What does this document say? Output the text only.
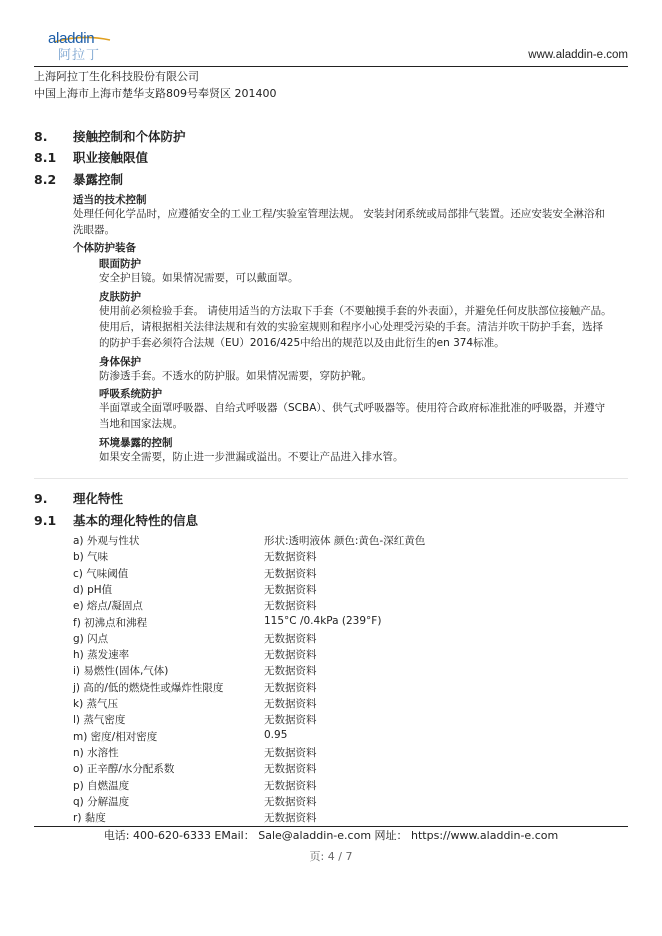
aladdin
阿拉丁	www.aladdin-e.com
上海阿拉丁生化科技股份有限公司
中国上海市上海市楚华支路809号奉贤区 201400
8. 接触控制和个体防护
8.1 职业接触限值
8.2 暴露控制
适当的技术控制
处理任何化学品时，应遵循安全的工业工程/实验室管理法规。 安装封闭系统或局部排气装置。还应安装安全淋浴和
洗眼器。
个体防护装备
眼面防护
安全护目镜。如果情况需要，可以戴面罩。
皮肤防护
使用前必须检验手套。 请使用适当的方法取下手套（不要触摸手套的外表面），并避免任何皮肤部位接触产品。
使用后，请根据相关法律法规和有效的实验室规则和程序小心处理受污染的手套。清洁并吹干防护手套，选择
的防护手套必须符合法规（EU）2016/425中给出的规范以及由此衍生的en 374标准。
身体保护
防渗透手套。不透水的防护服。如果情况需要，穿防护靴。
呼吸系统防护
半面罩或全面罩呼吸器、自给式呼吸器（SCBA）、供气式呼吸器等。使用符合政府标准批准的呼吸器，并遵守
当地和国家法规。
环境暴露的控制
如果安全需要，防止进一步泄漏或溢出。不要让产品进入排水管。
9. 理化特性
9.1 基本的理化特性的信息
a) 外观与性状	形状:透明液体 颜色:黄色-深红黄色
b) 气味	无数据资料
c) 气味阈值	无数据资料
d) pH值	无数据资料
e) 熔点/凝固点	无数据资料
f) 初沸点和沸程	115°C /0.4kPa (239°F)
g) 闪点	无数据资料
h) 蒸发速率	无数据资料
i) 易燃性(固体,气体)	无数据资料
j) 高的/低的燃烧性或爆炸性限度	无数据资料
k) 蒸气压	无数据资料
l) 蒸气密度	无数据资料
m) 密度/相对密度	0.95
n) 水溶性	无数据资料
o) 正辛醇/水分配系数	无数据资料
p) 自燃温度	无数据资料
q) 分解温度	无数据资料
r) 黏度	无数据资料
电话: 400-620-6333 EMail： Sale@aladdin-e.com 网址： https://www.aladdin-e.com
页: 4 / 7
